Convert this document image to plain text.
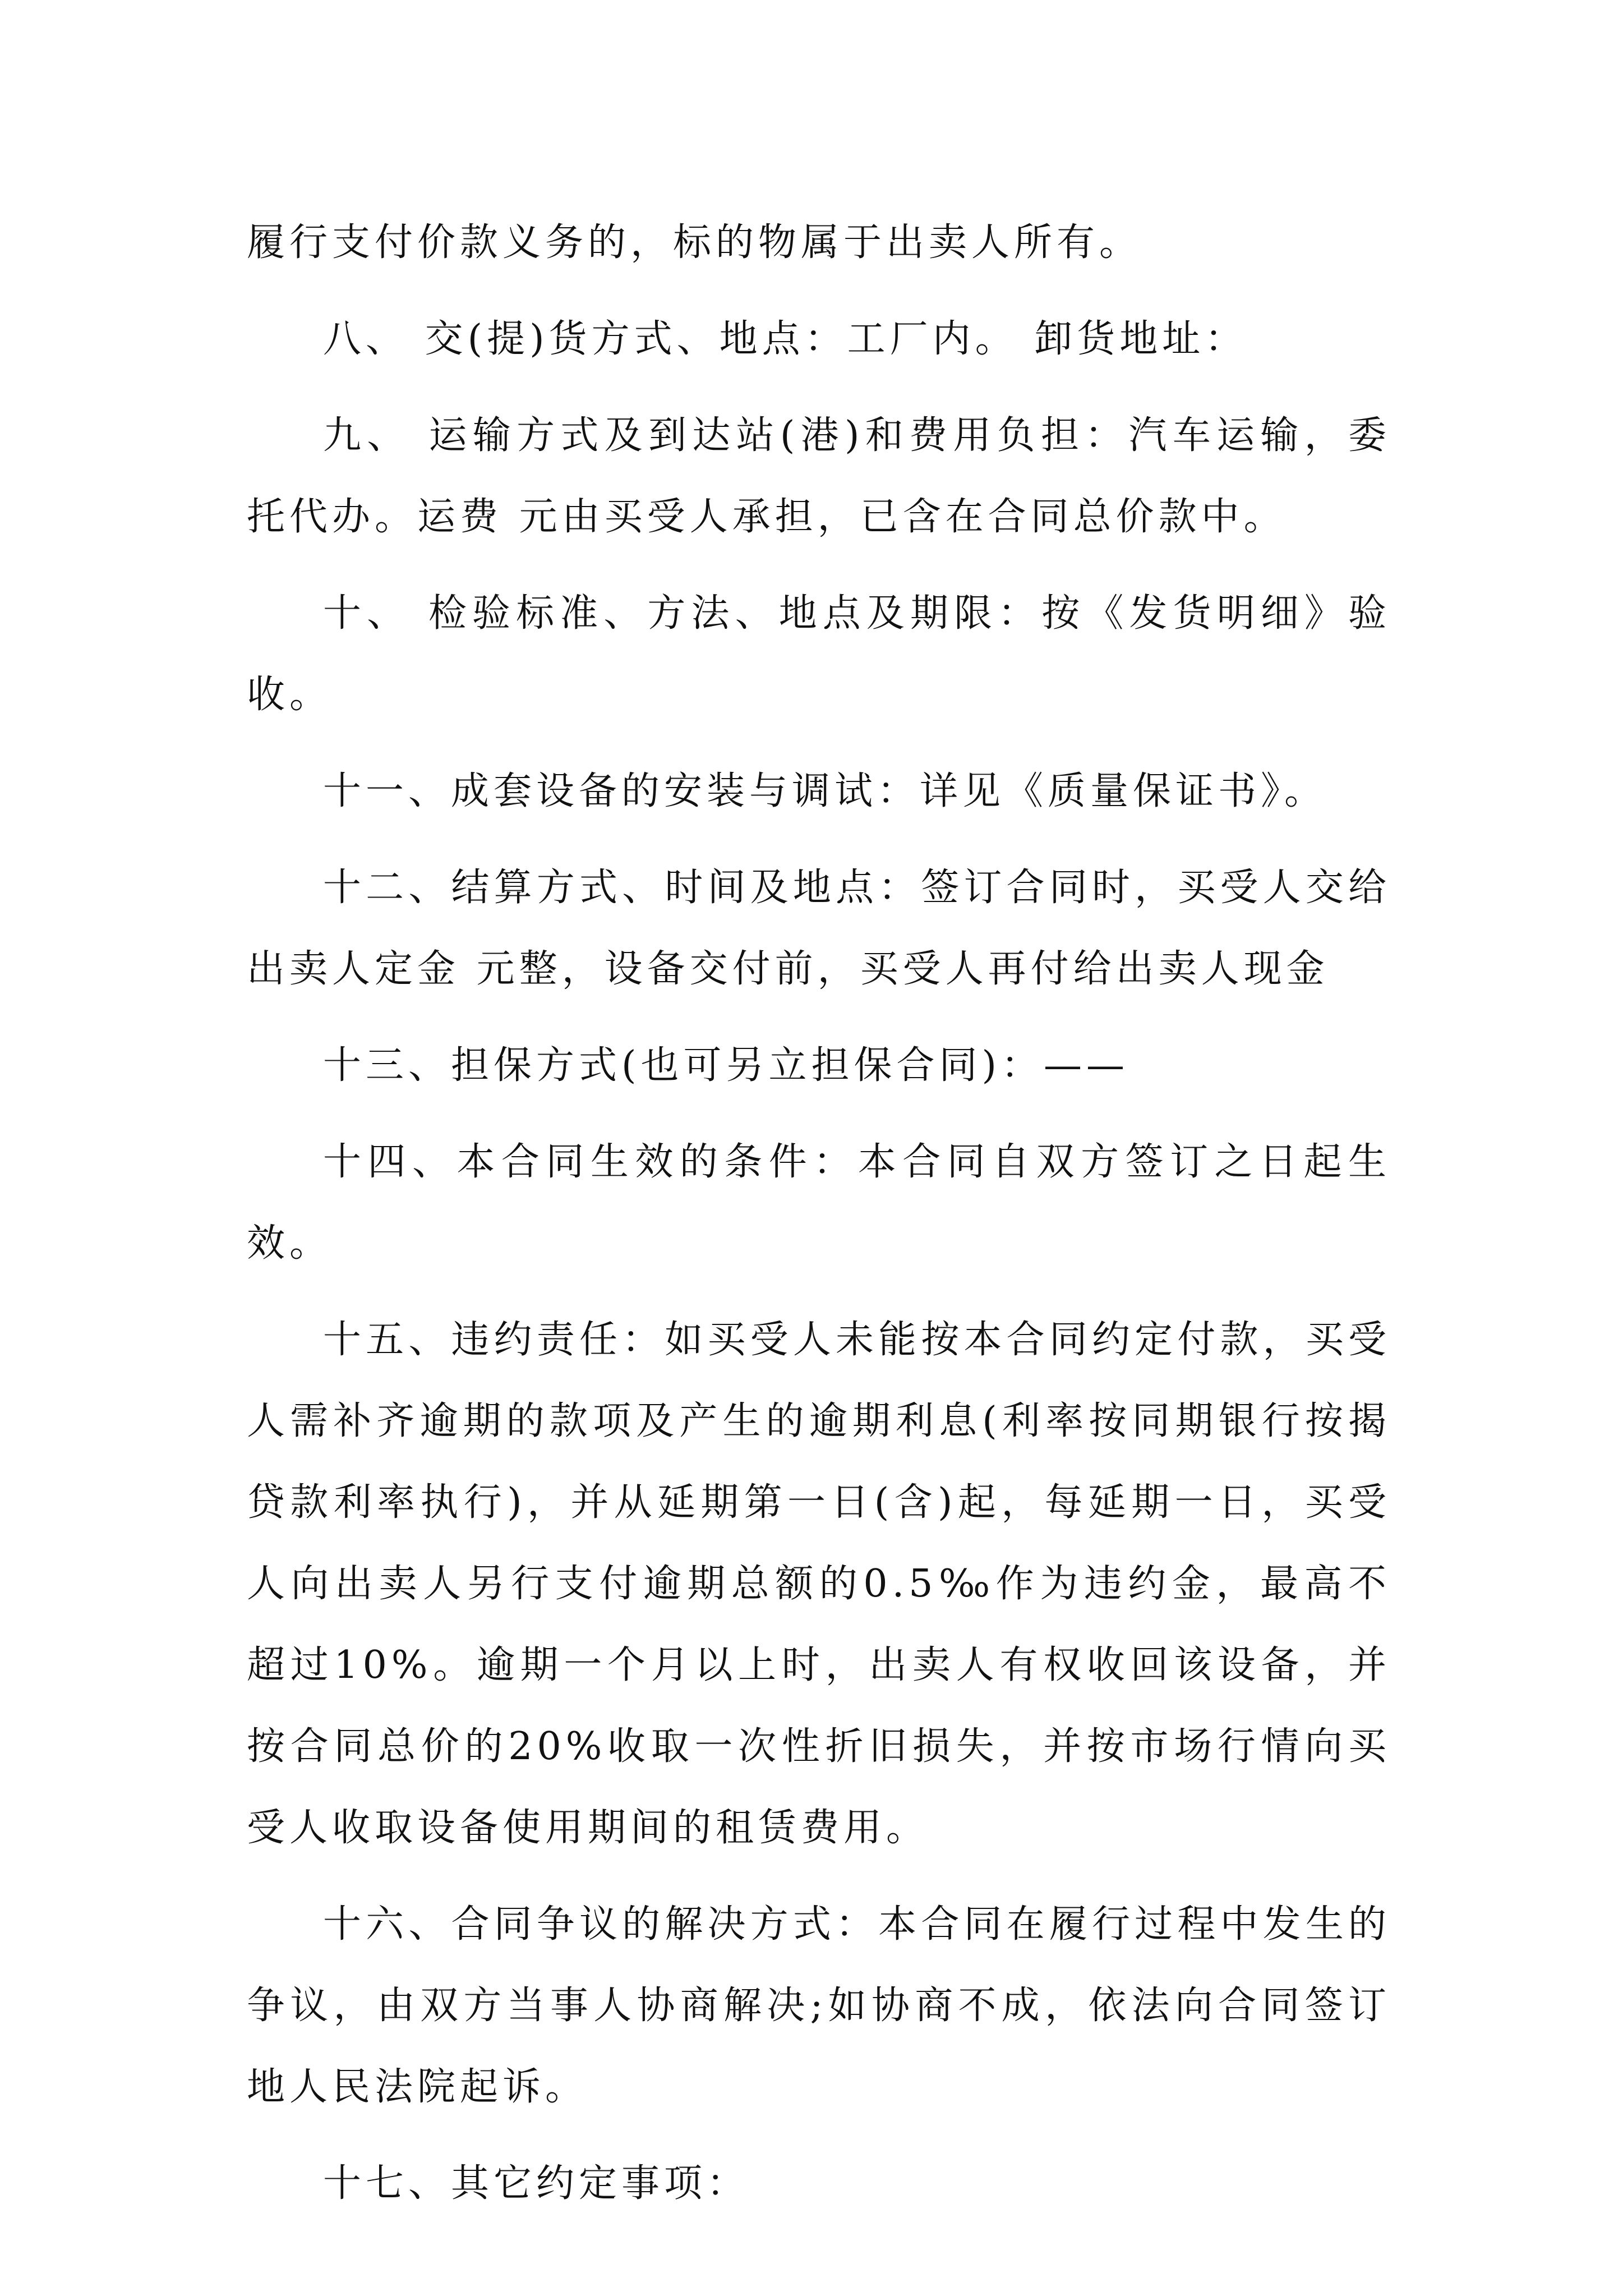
履行支付价款义务的，标的物属于出卖人所有。

八、 交(提)货方式、地点：工厂内。 卸货地址：

九、 运输方式及到达站(港)和费用负担：汽车运输，委托代办。运费 元由买受人承担，已含在合同总价款中。

十、 检验标准、方法、地点及期限：按《发货明细》验收。

十一、成套设备的安装与调试：详见《质量保证书》。

十二、结算方式、时间及地点：签订合同时，买受人交给出卖人定金 元整，设备交付前，买受人再付给出卖人现金

十三、担保方式(也可另立担保合同)：——

十四、本合同生效的条件：本合同自双方签订之日起生效。

十五、违约责任：如买受人未能按本合同约定付款，买受人需补齐逾期的款项及产生的逾期利息(利率按同期银行按揭贷款利率执行)，并从延期第一日(含)起，每延期一日，买受人向出卖人另行支付逾期总额的0.5‰作为违约金，最高不超过10%。逾期一个月以上时，出卖人有权收回该设备，并按合同总价的20%收取一次性折旧损失，并按市场行情向买受人收取设备使用期间的租赁费用。

十六、合同争议的解决方式：本合同在履行过程中发生的争议，由双方当事人协商解决;如协商不成，依法向合同签订地人民法院起诉。

十七、其它约定事项：
